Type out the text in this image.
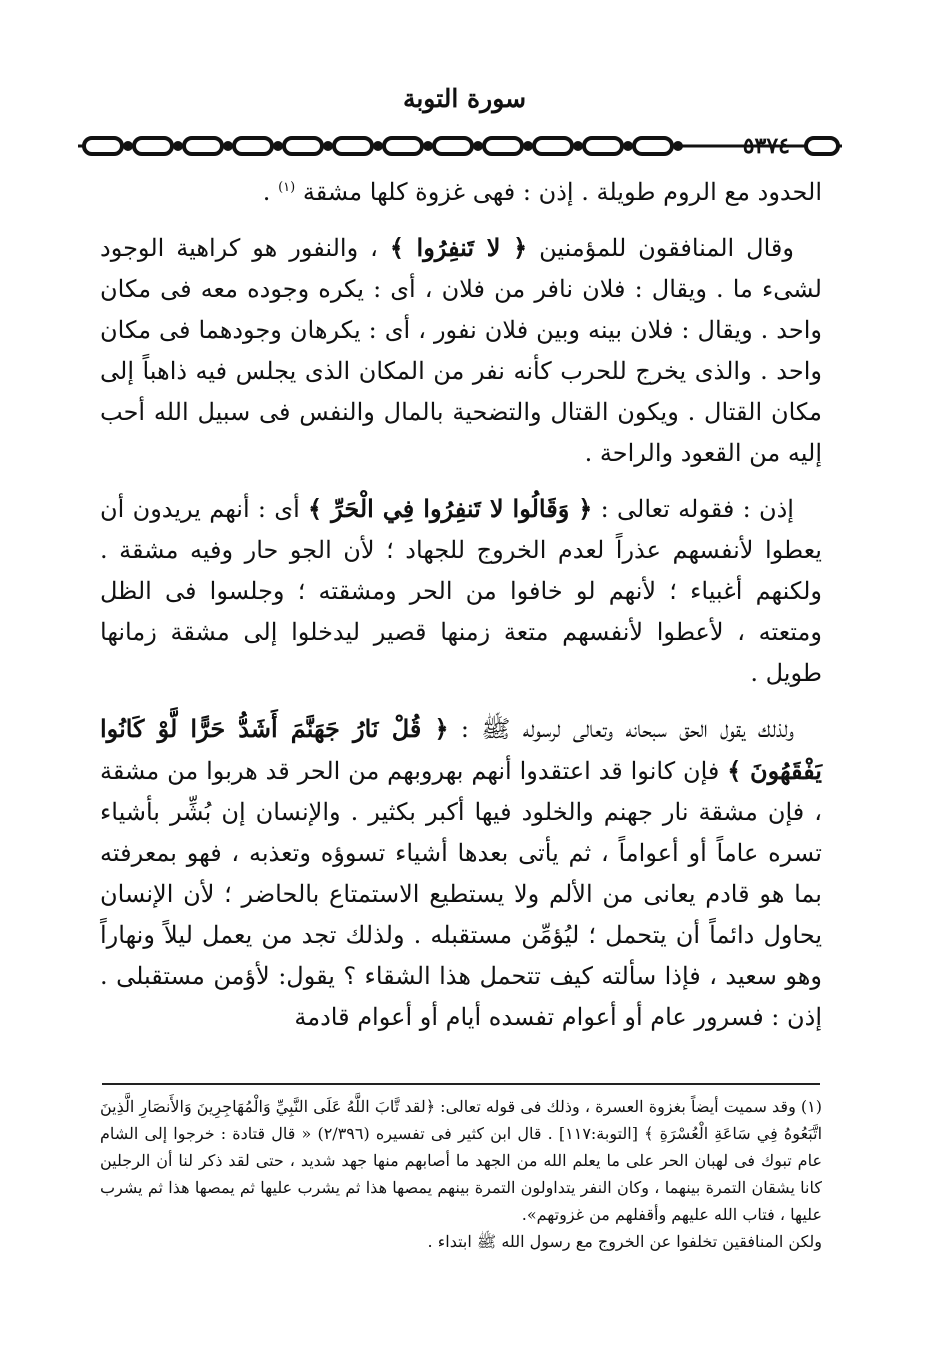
سورة التوبة
٥٣٧٤

الحدود مع الروم طويلة . إذن : فهى غزوة كلها مشقة $^{(١)}$ .

وقال المنافقون للمؤمنين ﴿ لا تَنفِرُوا ﴾ ، والنفور هو كراهية الوجود لشىء ما . ويقال : فلان نافر من فلان ، أى : يكره وجوده معه فى مكان واحد . ويقال : فلان بينه وبين فلان نفور ، أى : يكرهان وجودهما فى مكان واحد . والذى يخرج للحرب كأنه نفر من المكان الذى يجلس فيه ذاهباً إلى مكان القتال . ويكون القتال والتضحية بالمال والنفس فى سبيل الله أحب إليه من القعود والراحة .

إذن : فقوله تعالى : ﴿ وَقَالُوا لا تَنفِرُوا فِي الْحَرِّ ﴾ أى : أنهم يريدون أن يعطوا لأنفسهم عذراً لعدم الخروج للجهاد ؛ لأن الجو حار وفيه مشقة . ولكنهم أغبياء ؛ لأنهم لو خافوا من الحر ومشقته ؛ وجلسوا فى الظل ومتعته ، لأعطوا لأنفسهم متعة زمنها قصير ليدخلوا إلى مشقة زمانها طويل .

ولذلك يقول الحق سبحانه وتعالى لرسوله ﷺ : ﴿ قُلْ نَارُ جَهَنَّمَ أَشَدُّ حَرًّا لَّوْ كَانُوا يَفْقَهُونَ ﴾ فإن كانوا قد اعتقدوا أنهم بهروبهم من الحر قد هربوا من مشقة ، فإن مشقة نار جهنم والخلود فيها أكبر بكثير . والإنسان إن بُشِّر بأشياء تسره عاماً أو أعواماً ، ثم يأتى بعدها أشياء تسوؤه وتعذبه ، فهو بمعرفته بما هو قادم يعانى من الألم ولا يستطيع الاستمتاع بالحاضر ؛ لأن الإنسان يحاول دائماً أن يتحمل ؛ ليُؤمِّن مستقبله . ولذلك تجد من يعمل ليلاً ونهاراً وهو سعيد ، فإذا سألته كيف تتحمل هذا الشقاء ؟ يقول: لأؤمن مستقبلى . إذن : فسرور عام أو أعوام تفسده أيام أو أعوام قادمة

(١) وقد سميت أيضاً بغزوة العسرة ، وذلك فى قوله تعالى: ﴿لقد تَّابَ اللَّهُ عَلَى النَّبِيِّ وَالْمُهَاجِرِينَ وَالأَنصَارِ الَّذِينَ اتَّبَعُوهُ فِي سَاعَةِ الْعُسْرَةِ ﴾ [التوبة:١١٧] . قال ابن كثير فى تفسيره (٢/٣٩٦) « قال قتادة : خرجوا إلى الشام عام تبوك فى لهبان الحر على ما يعلم الله من الجهد ما أصابهم منها جهد شديد ، حتى لقد ذكر لنا أن الرجلين كانا يشقان التمرة بينهما ، وكان النفر يتداولون التمرة بينهم يمصها هذا ثم يشرب عليها ثم يمصها هذا ثم يشرب عليها ، فتاب الله عليهم وأقفلهم من غزوتهم».

ولكن المنافقين تخلفوا عن الخروج مع رسول الله ﷺ ابتداء .
